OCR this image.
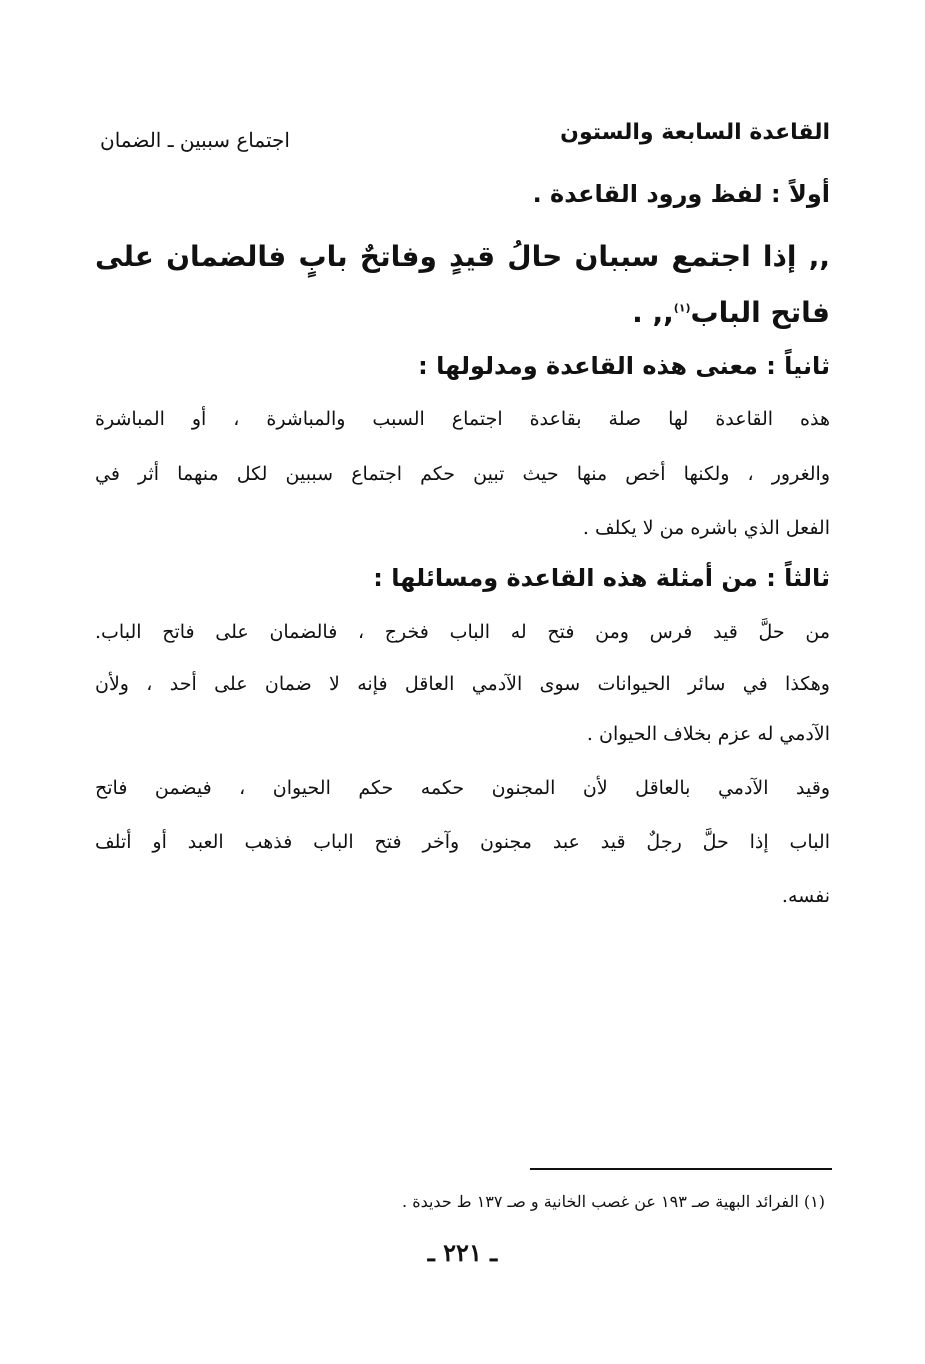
القاعدة السابعة والستون
اجتماع سببين ـ الضمان
أولاً : لفظ ورود القاعدة .
,, إذا اجتمع سببان حالُ قيدٍ وفاتحٌ بابٍ فالضمان على
فاتح الباب$^{(١)}$,, .
ثانياً : معنى هذه القاعدة ومدلولها :
هذه القاعدة لها صلة بقاعدة اجتماع السبب والمباشرة ، أو المباشرة
والغرور ، ولكنها أخص منها حيث تبين حكم اجتماع سببين لكل منهما أثر في
الفعل الذي باشره من لا يكلف .
ثالثاً : من أمثلة هذه القاعدة ومسائلها :
من حلَّ قيد فرس ومن فتح له الباب فخرج ، فالضمان على فاتح الباب.
وهكذا في سائر الحيوانات سوى الآدمي العاقل فإنه لا ضمان على أحد ، ولأن
الآدمي له عزم بخلاف الحيوان .
وقيد الآدمي بالعاقل لأن المجنون حكمه حكم الحيوان ، فيضمن فاتح
الباب إذا حلَّ رجلٌ قيد عبد مجنون وآخر فتح الباب فذهب العبد أو أتلف
نفسه.
(١) الفرائد البهية صـ ١٩٣ عن غصب الخانية و صـ ١٣٧ ط حديدة .
ـ ٢٢١ ـ
